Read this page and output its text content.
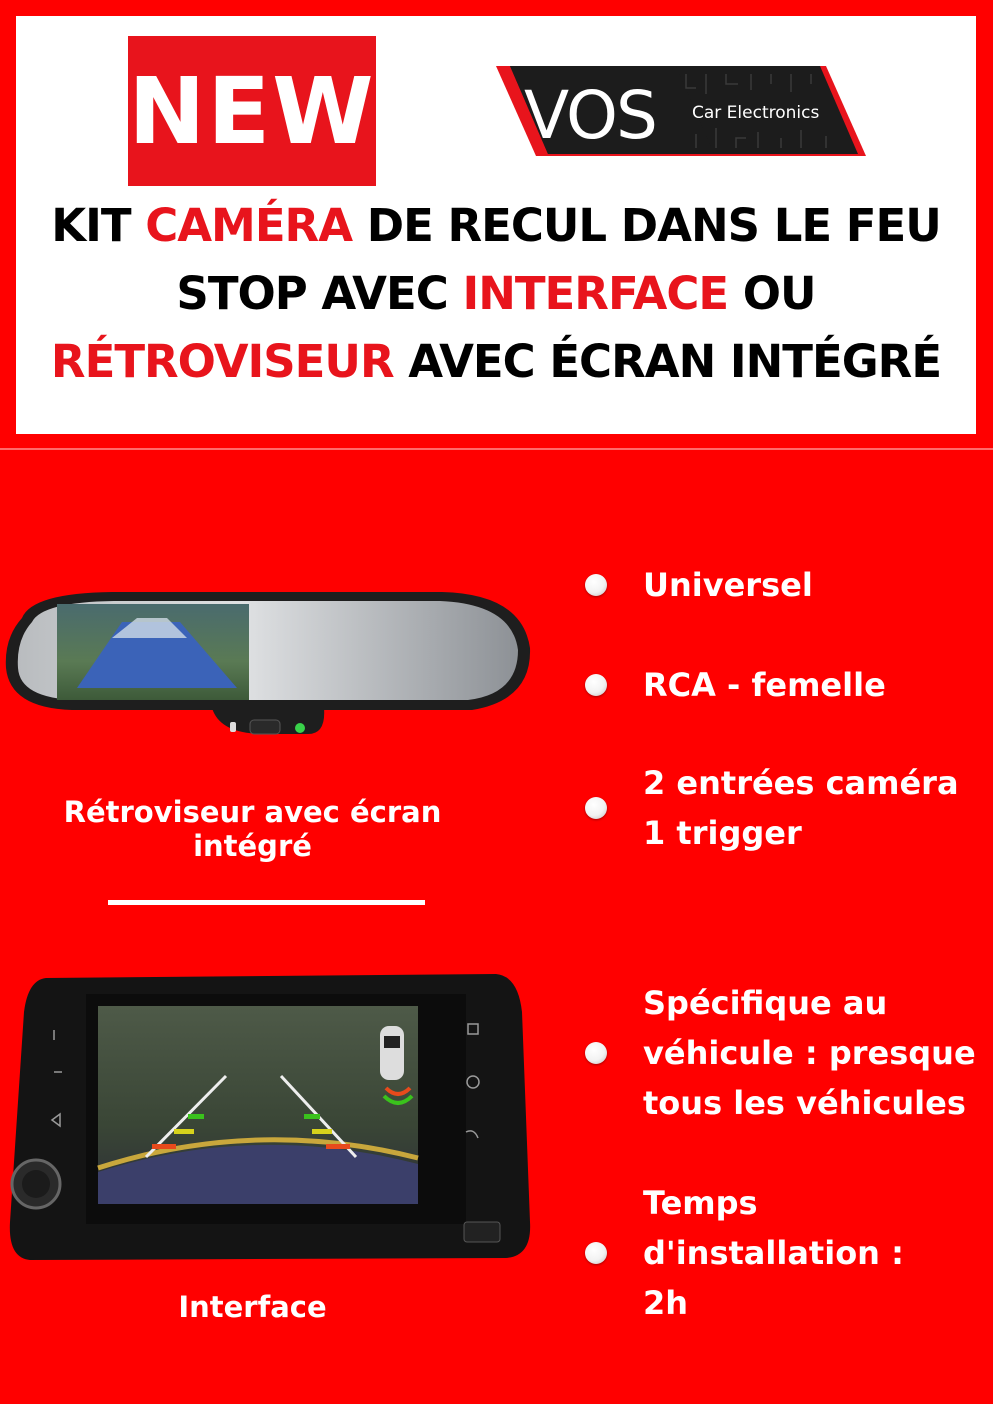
NEW VOS Car Electronics
KIT CAMÉRA DE RECUL DANS LE FEU
STOP AVEC INTERFACE OU
RÉTROVISEUR AVEC ÉCRAN INTÉGRÉ
Rétroviseur avec écran intégré
Interface
Universel
RCA - femelle
2 entrées caméra
1 trigger
Spécifique au
véhicule : presque
tous les véhicules
Temps d'installation :
2h
